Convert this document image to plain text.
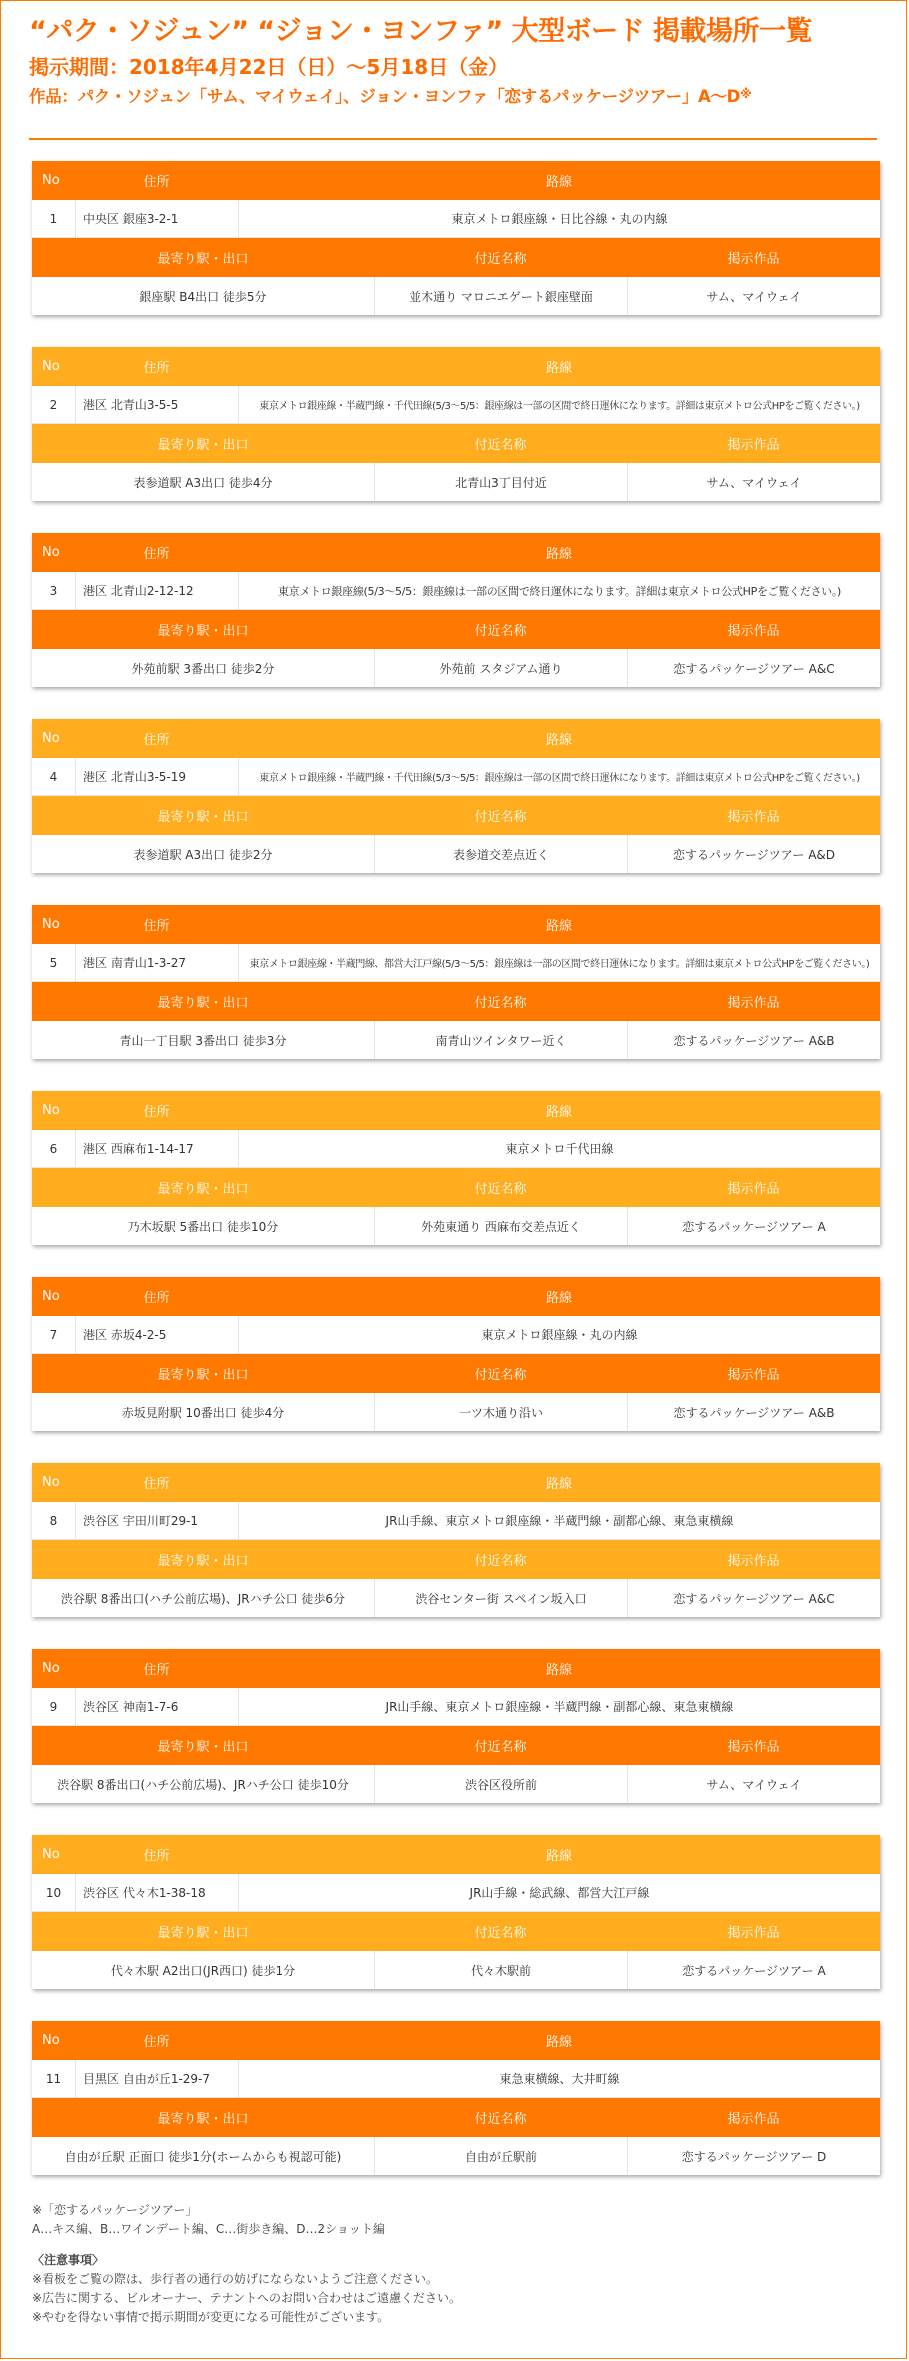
“パク・ソジュン” “ジョン・ヨンファ” 大型ボード 掲載場所一覧
掲示期間：2018年4月22日（日）～5月18日（金）
作品：パク・ソジュン「サム、マイウェイ」、ジョン・ヨンファ「恋するパッケージツアー」A～D※
No	住所	路線
1	中央区 銀座3-2-1	東京メトロ銀座線・日比谷線・丸の内線
最寄り駅・出口	付近名称	掲示作品
銀座駅 B4出口 徒歩5分	並木通り マロニエゲート銀座壁面	サム、マイウェイ
No	住所	路線
2	港区 北青山3-5-5	東京メトロ銀座線・半蔵門線・千代田線(5/3～5/5：銀座線は一部の区間で終日運休になります。詳細は東京メトロ公式HPをご覧ください。)
最寄り駅・出口	付近名称	掲示作品
表参道駅 A3出口 徒歩4分	北青山3丁目付近	サム、マイウェイ
No	住所	路線
3	港区 北青山2-12-12	東京メトロ銀座線(5/3～5/5：銀座線は一部の区間で終日運休になります。詳細は東京メトロ公式HPをご覧ください。)
最寄り駅・出口	付近名称	掲示作品
外苑前駅 3番出口 徒歩2分	外苑前 スタジアム通り	恋するパッケージツアー A&C
No	住所	路線
4	港区 北青山3-5-19	東京メトロ銀座線・半蔵門線・千代田線(5/3～5/5：銀座線は一部の区間で終日運休になります。詳細は東京メトロ公式HPをご覧ください。)
最寄り駅・出口	付近名称	掲示作品
表参道駅 A3出口 徒歩2分	表参道交差点近く	恋するパッケージツアー A&D
No	住所	路線
5	港区 南青山1-3-27	東京メトロ銀座線・半蔵門線、都営大江戸線(5/3～5/5：銀座線は一部の区間で終日運休になります。詳細は東京メトロ公式HPをご覧ください。)
最寄り駅・出口	付近名称	掲示作品
青山一丁目駅 3番出口 徒歩3分	南青山ツインタワー近く	恋するパッケージツアー A&B
No	住所	路線
6	港区 西麻布1-14-17	東京メトロ千代田線
最寄り駅・出口	付近名称	掲示作品
乃木坂駅 5番出口 徒歩10分	外苑東通り 西麻布交差点近く	恋するパッケージツアー A
No	住所	路線
7	港区 赤坂4-2-5	東京メトロ銀座線・丸の内線
最寄り駅・出口	付近名称	掲示作品
赤坂見附駅 10番出口 徒歩4分	一ツ木通り沿い	恋するパッケージツアー A&B
No	住所	路線
8	渋谷区 宇田川町29-1	JR山手線、東京メトロ銀座線・半蔵門線・副都心線、東急東横線
最寄り駅・出口	付近名称	掲示作品
渋谷駅 8番出口(ハチ公前広場)、JRハチ公口 徒歩6分	渋谷センター街 スペイン坂入口	恋するパッケージツアー A&C
No	住所	路線
9	渋谷区 神南1-7-6	JR山手線、東京メトロ銀座線・半蔵門線・副都心線、東急東横線
最寄り駅・出口	付近名称	掲示作品
渋谷駅 8番出口(ハチ公前広場)、JRハチ公口 徒歩10分	渋谷区役所前	サム、マイウェイ
No	住所	路線
10	渋谷区 代々木1-38-18	JR山手線・総武線、都営大江戸線
最寄り駅・出口	付近名称	掲示作品
代々木駅 A2出口(JR西口) 徒歩1分	代々木駅前	恋するパッケージツアー A
No	住所	路線
11	目黒区 自由が丘1-29-7	東急東横線、大井町線
最寄り駅・出口	付近名称	掲示作品
自由が丘駅 正面口 徒歩1分(ホームからも視認可能)	自由が丘駅前	恋するパッケージツアー D
※「恋するパッケージツアー」
A…キス編、B…ワインデート編、C…街歩き編、D…2ショット編
〈注意事項〉
※看板をご覧の際は、歩行者の通行の妨げにならないようご注意ください。
※広告に関する、ビルオーナー、テナントへのお問い合わせはご遠慮ください。
※やむを得ない事情で掲示期間が変更になる可能性がございます。
